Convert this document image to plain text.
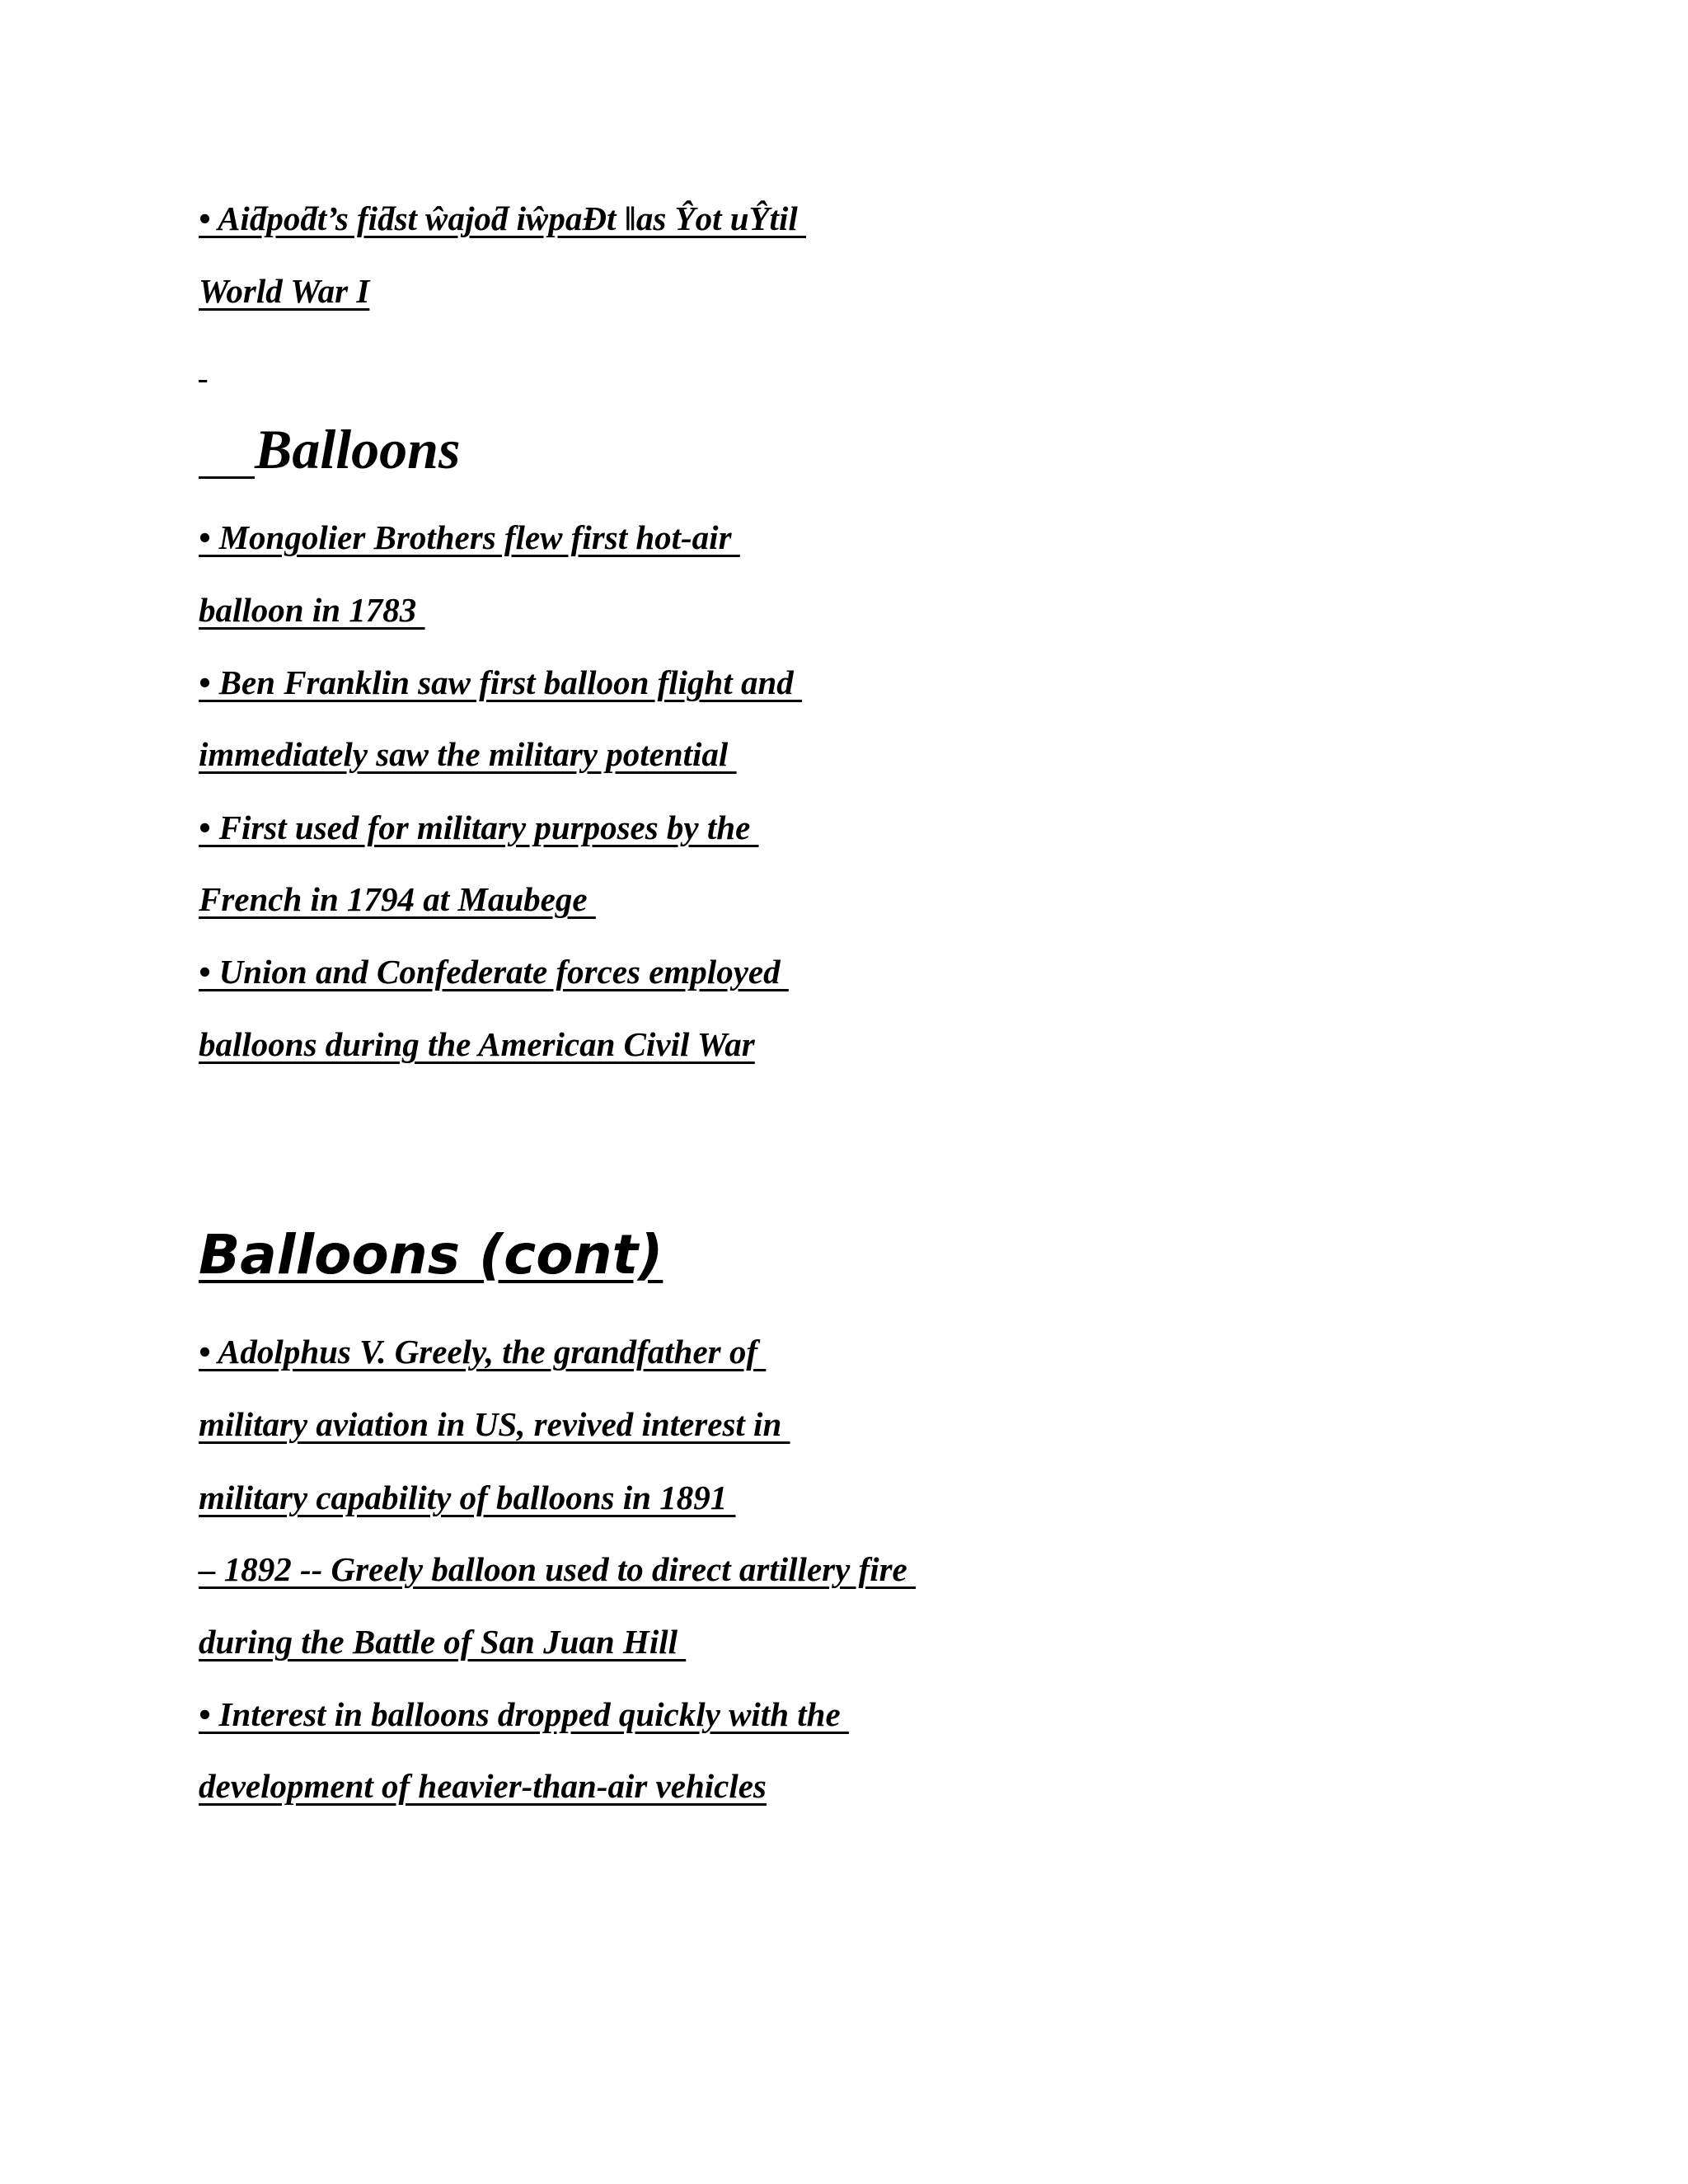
• Aiƌpoƌt’s fiƌst ŵajoƌ iŵpaĐt ǁas Ŷot uŶtil
World War I

Balloons
• Mongolier Brothers flew first hot-air
balloon in 1783
• Ben Franklin saw first balloon flight and
immediately saw the military potential
• First used for military purposes by the
French in 1794 at Maubege
• Union and Confederate forces employed
balloons during the American Civil War
Balloons (cont)
• Adolphus V. Greely, the grandfather of
military aviation in US, revived interest in
military capability of balloons in 1891
– 1892 -- Greely balloon used to direct artillery fire
during the Battle of San Juan Hill
• Interest in balloons dropped quickly with the
development of heavier-than-air vehicles
